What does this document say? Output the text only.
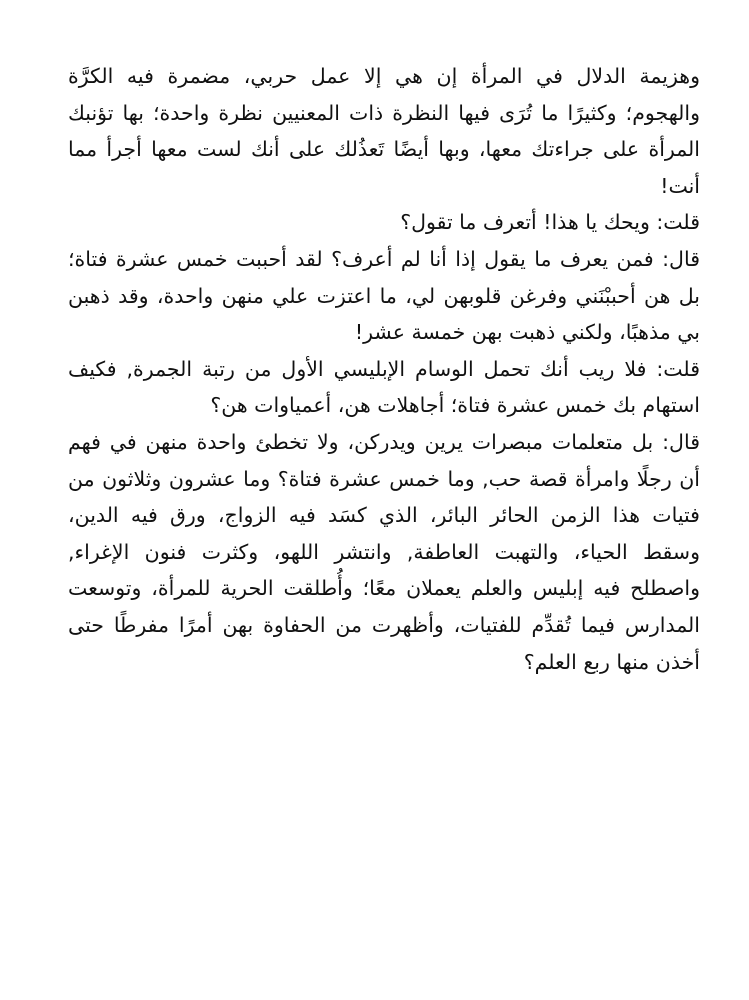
وهزيمة الدلال في المرأة إن هي إلا عمل حربي، مضمرة فيه الكرَّة والهجوم؛ وكثيرًا ما تُرَى فيها النظرة ذات المعنيين نظرة واحدة؛ بها تؤنبك المرأة على جراءتك معها، وبها أيضًا تَعذُلك على أنك لست معها أجرأ مما أنت!

قلت: ويحك يا هذا! أتعرف ما تقول؟

قال: فمن يعرف ما يقول إذا أنا لم أعرف؟ لقد أحببت خمس عشرة فتاة؛ بل هن أحببْنَني وفرغن قلوبهن لي، ما اعتزت علي منهن واحدة، وقد ذهبن بي مذهبًا، ولكني ذهبت بهن خمسة عشر!

قلت: فلا ريب أنك تحمل الوسام الإبليسي الأول من رتبة الجمرة, فكيف استهام بك خمس عشرة فتاة؛ أجاهلات هن، أعمياوات هن؟

قال: بل متعلمات مبصرات يرين ويدركن، ولا تخطئ واحدة منهن في فهم أن رجلًا وامرأة قصة حب, وما خمس عشرة فتاة؟ وما عشرون وثلاثون من فتيات هذا الزمن الحائر البائر، الذي كسَد فيه الزواج، ورق فيه الدين، وسقط الحياء، والتهبت العاطفة, وانتشر اللهو، وكثرت فنون الإغراء, واصطلح فيه إبليس والعلم يعملان معًا؛ وأُطلقت الحرية للمرأة، وتوسعت المدارس فيما تُقدِّم للفتيات، وأظهرت من الحفاوة بهن أمرًا مفرطًا حتى أخذن منها ربع العلم؟
